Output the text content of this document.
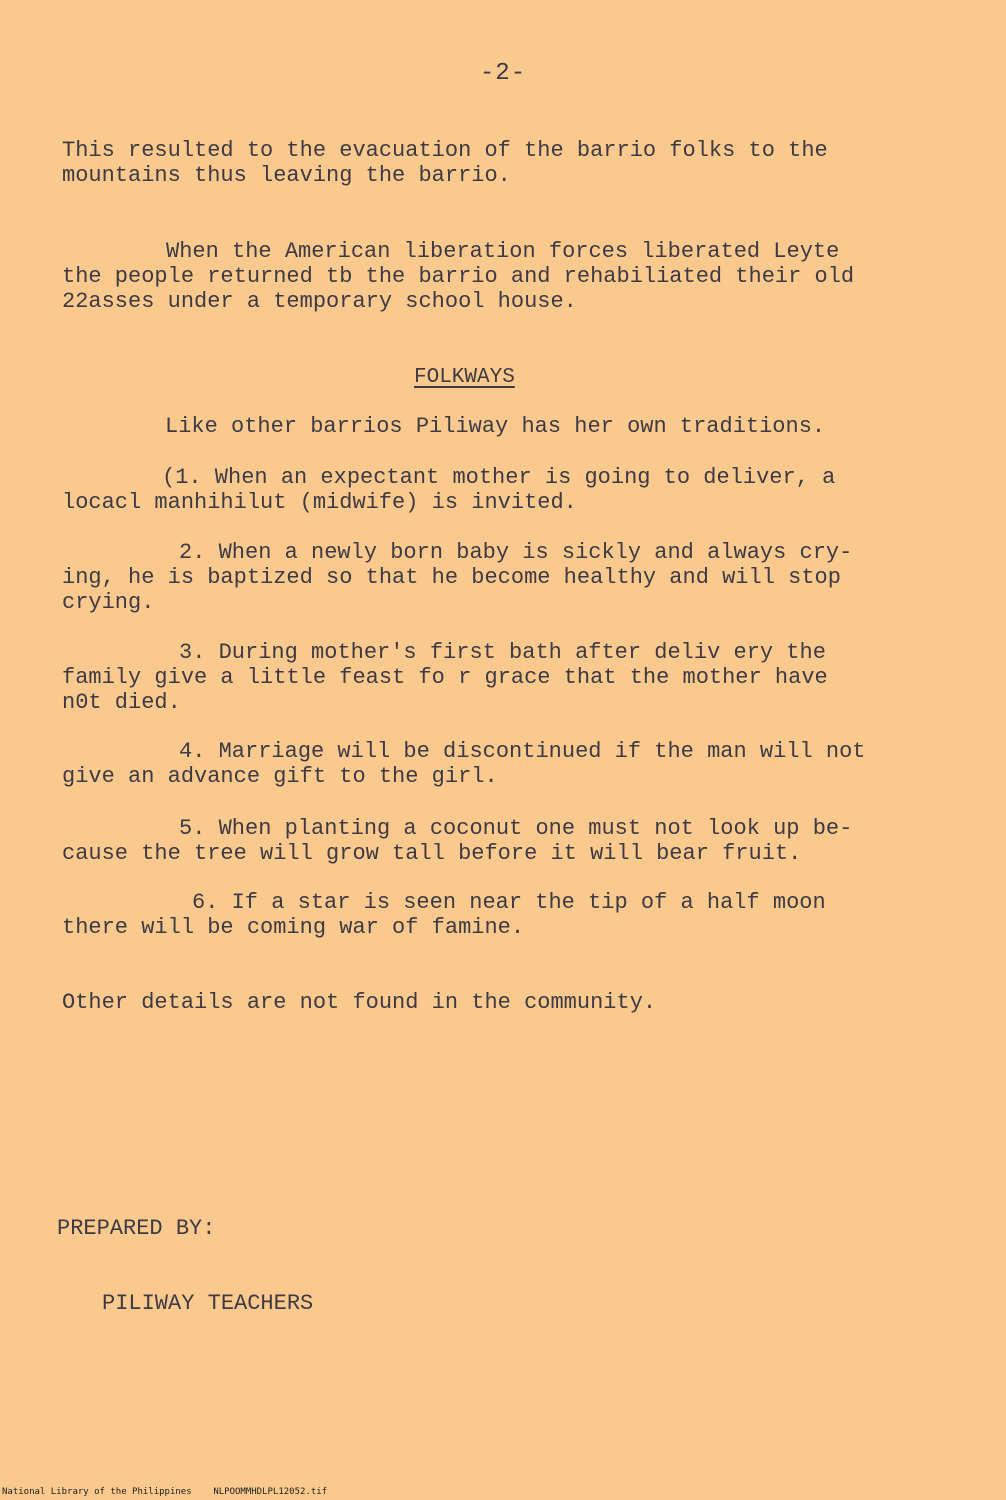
-2-
This resulted to the evacuation of the barrio folks to the
mountains thus leaving the barrio.

When the American liberation forces liberated Leyte
the people returned tb the barrio and rehabiliated their old
22asses under a temporary school house.

FOLKWAYS
Like other barrios Piliway has her own traditions.
(1. When an expectant mother is going to deliver, a
locacl manhihilut (midwife) is invited.
2. When a newly born baby is sickly and always cry-
ing, he is baptized so that he become healthy and will stop
crying.
3. During mother's first bath after deliv ery the
family give a little feast fo r grace that the mother have
n0t died.
4. Marriage will be discontinued if the man will not
give an advance gift to the girl.
5. When planting a coconut one must not look up be-
cause the tree will grow tall before it will bear fruit.
6. If a star is seen near the tip of a half moon
there will be coming war of famine.
Other details are not found in the community.
PREPARED BY:
PILIWAY TEACHERS
National Library of the Philippines    NLPOOMMHDLPL12052.tif
